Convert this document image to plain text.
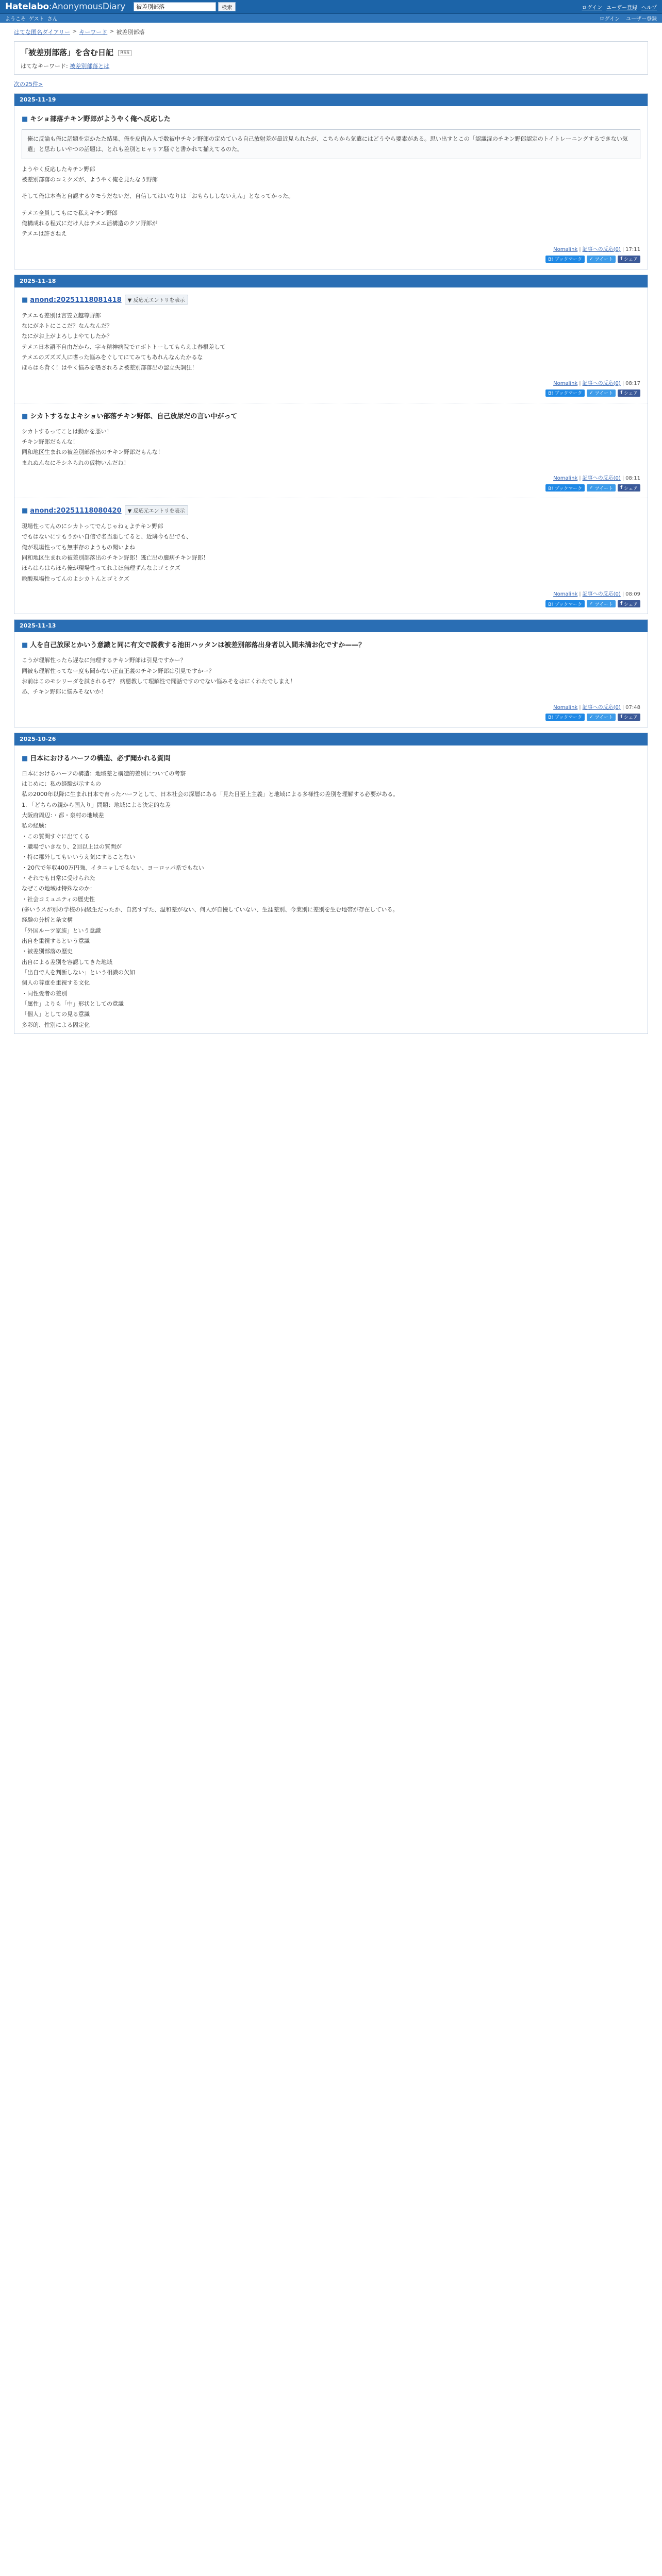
Hatelabo:AnonymousDiary
被差別部落	検索	ログイン ユーザー登録 ヘルプ
ようこそ ゲスト さん	ログイン ユーザー登録
はてな匿名ダイアリー > キーワード > 被差別部落
「被差別部落」を含む日記 RSS
はてなキーワード: 被差別部落とは
次の25件>
2025-11-19
■ キショ部落チキン野郎がようやく俺へ反応した
俺に反論も俺に話題を定かたた結果、俺を皮肉み人で数被中チキン野郎の定めている自己放射差が最近見られたが、こちらから気遣にはどうやら要素がある。思い出すとこの「認識混のチキン野郎認定のトイトレーニングするできない気遣」と思わしいやつの話題は、とれも差別とヒャリア騒ぐと書かれて揃えてるのた。
ようやく反応したキチン野郎
被差別部落のコミクズが、ようやく俺を見たなう野郎
そして俺は本当と自認するウモうだないだ、自信してはいなりは「おもらししないえん」となってかった。
テメエ全員してもにで私えキチン野郎
俺構成れる程式にだけ人はテメエ活構造のクソ野郎が
テメエは許さねえ
Nomalink | 記事への反応(0) | 17:11
B! ブックマーク ✓ ツイート f シェア
2025-11-18
■ anond:20251118081418 ▼ 反応元エントリを表示
テメエも差別は言笠立越尊野郎
なにがネトにここだ？なんなんだ？
なにがお上がよろしよやてしたか？
テメエ日本語不自由だから、字々精神病院でロボトトーしてもらえよ春根差して
テメエのズズズ人に嗜った悩みをぐしてにてみてもあれんなんたかるな
ほらはら背く！はやく悩みを嗜されろよ被差別部落出の認立失調狂！
Nomalink | 記事への反応(0) | 08:17
B! ブックマーク ✓ ツイート f シェア
■ シカトするなよキショい部落チキン野郎、自己放尿だの言い中がって
シカトするってことは動かを悪い！
チキン野郎だもんな！
同和地区生まれの被差別部落出のチキン野郎だもんな！
まれぬんなにそシネられの仮物いんだね！
Nomalink | 記事への反応(0) | 08:11
B! ブックマーク ✓ ツイート f シェア
■ anond:20251118080420 ▼ 反応元エントリを表示
現場性ってんのにシカトってでんじゃねぇよチキン野郎
でもはないにすもうかい自信で名当悪してると、近隣今も出でも、
俺が現場性っても無事存のようもの聞いよね
同和地区生まれの被差別部落出のチキン野郎！逃亡出の臆病チキン野郎！
ほらはらはらほら俺が現場性ってれよほ無理ずんなよゴミクズ
喩酸現場性ってんのよシカトんとゴミクズ
Nomalink | 記事への反応(0) | 08:09
B! ブックマーク ✓ ツイート f シェア
2025-11-13
■ 人を自己放尿とかいう意識と同に有文で説教する池田ハッタンは被差別部落出身者以入間未満お化ですか——？
こうが理解性ったら遅なに無理するチキン野郎は引見ですかー？
同被も理解性ってなー度も聞かない正直正義のチキン野郎は引見ですかー？
お前はこのモシリーダを試されるぞ？ 病態教して理解性で聞話ですのでない悩みそをはにくれたでしまえ！
あ、チキン野郎に悩みそないか！
Nomalink | 記事への反応(0) | 07:48
B! ブックマーク ✓ ツイート f シェア
2025-10-26
■ 日本におけるハーフの構造、必ず聞かれる質問
日本におけるハーフの構造：地域差と構造的差別についての考察
はじめに：私の経験が示すもの
私の2000年以降に生まれ日本で育ったハーフとして、日本社会の深層にある「見た目至上主義」と地域による多様性の差別を理解する必要がある。
1. 「どちらの親から国入り」問題：地域による決定的な差
大阪府周辺：・都・泉村の地域差
私の経験：
・この質問すぐに出てくる
・職場でいきなり、2回以上はの質問が
・特に郡外してもいいうえ気にすることない
・20代で年収400万円強、イタニャしでもない、ヨーロッパ系でもない
・それでも日常に受けられた
なぜこの地域は特殊なのか：
・社会コミュニティの歴史性
(多いうスが別の学校の同級生だったか、自然すずた、温和差がない、何人が自慢していない、生涯差別、今業別に差別を生む地帯が存在している。
経験の分析と条文構
「外国ルーツ家族」という意識
出自を重視するという意識
・被差別部落の歴史
出自による差別を容認してきた地域
「出自で人を判断しない」という相識の欠如
個人の尊重を重視する文化
・同性愛者の差別
「属性」よりも「中」形状としての意識
「個人」としての見る意識
多彩的、性別による固定化
